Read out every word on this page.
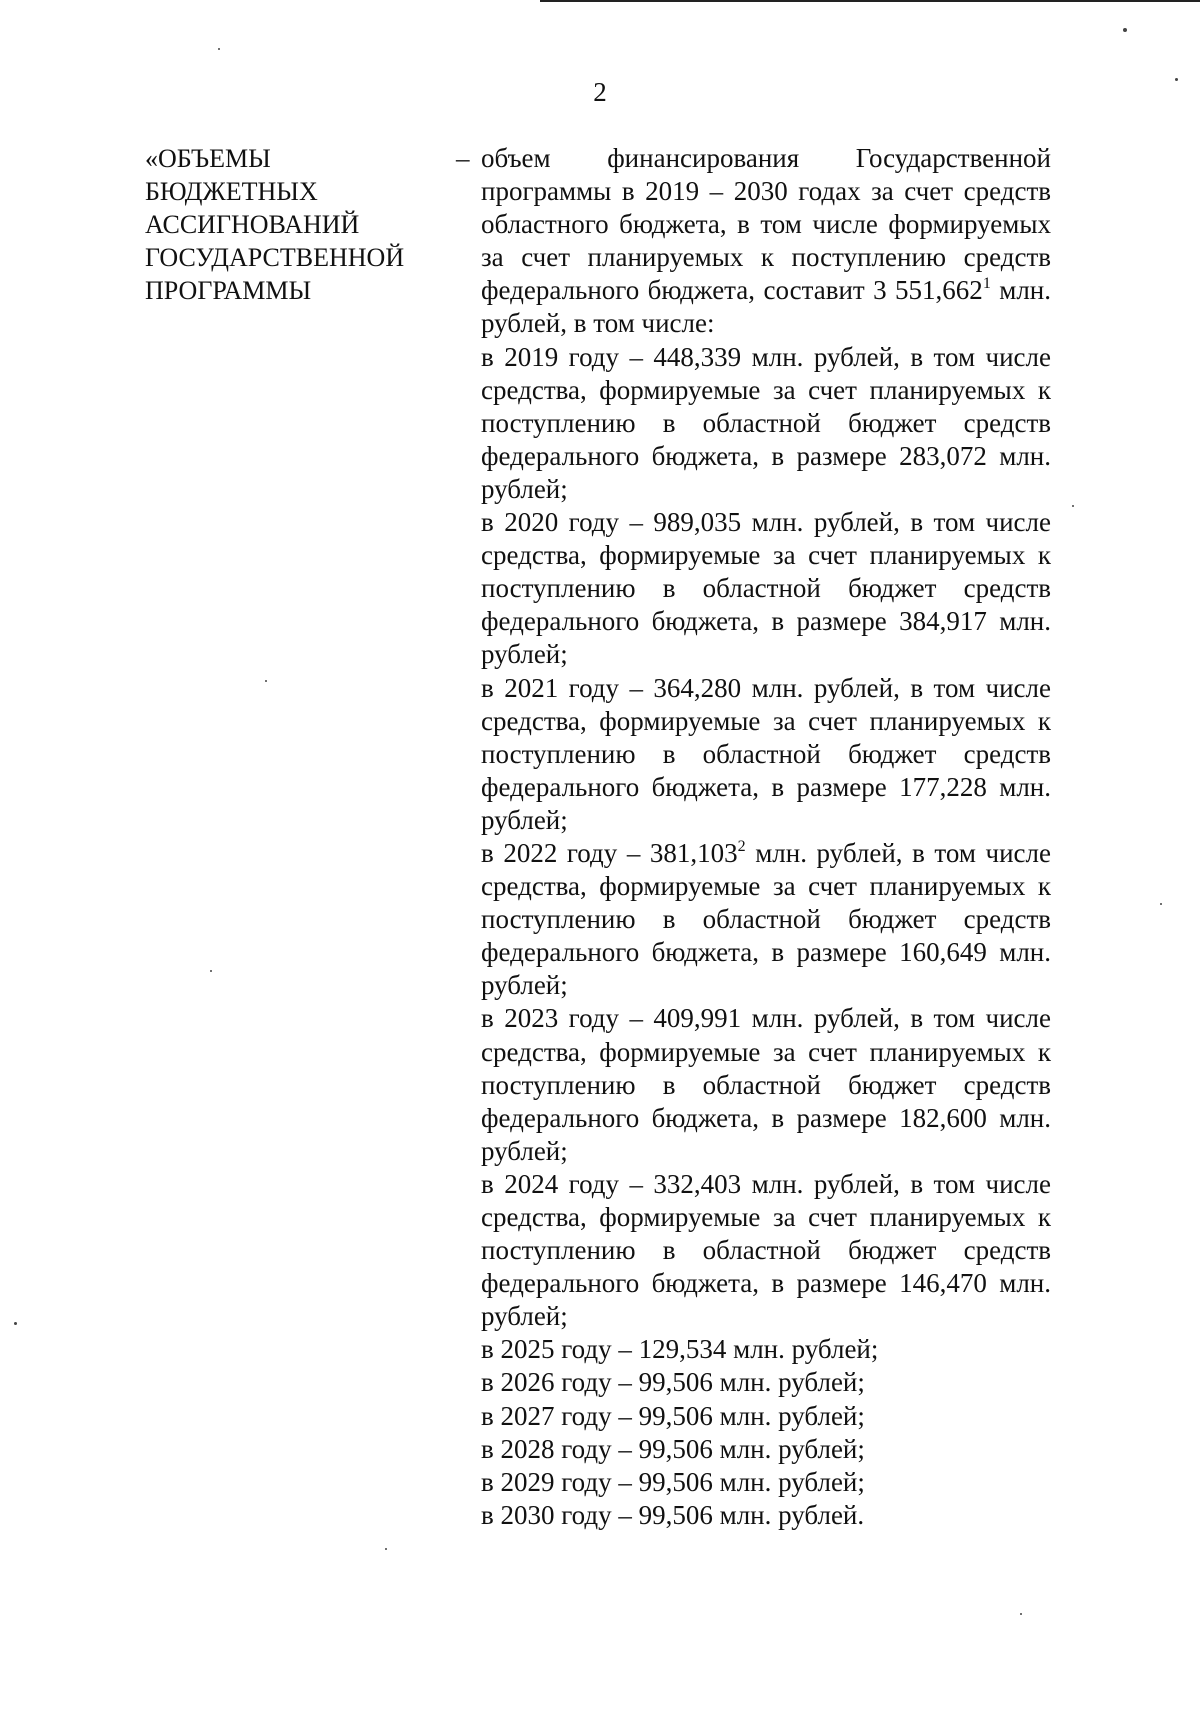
2
«ОБЪЕМЫ
БЮДЖЕТНЫХ
АССИГНОВАНИЙ
ГОСУДАРСТВЕННОЙ
ПРОГРАММЫ
– объем финансирования Государственной программы в 2019 – 2030 годах за счет средств областного бюджета, в том числе формируемых за счет планируемых к поступлению средств федерального бюджета, составит 3 551,662$^1$ млн. рублей, в том числе:

в 2019 году – 448,339 млн. рублей, в том числе средства, формируемые за счет планируемых к поступлению в областной бюджет средств федерального бюджета, в размере 283,072 млн. рублей;

в 2020 году – 989,035 млн. рублей, в том числе средства, формируемые за счет планируемых к поступлению в областной бюджет средств федерального бюджета, в размере 384,917 млн. рублей;

в 2021 году – 364,280 млн. рублей, в том числе средства, формируемые за счет планируемых к поступлению в областной бюджет средств федерального бюджета, в размере 177,228 млн. рублей;

в 2022 году – 381,103$^2$ млн. рублей, в том числе средства, формируемые за счет планируемых к поступлению в областной бюджет средств федерального бюджета, в размере 160,649 млн. рублей;

в 2023 году – 409,991 млн. рублей, в том числе средства, формируемые за счет планируемых к поступлению в областной бюджет средств федерального бюджета, в размере 182,600 млн. рублей;

в 2024 году – 332,403 млн. рублей, в том числе средства, формируемые за счет планируемых к поступлению в областной бюджет средств федерального бюджета, в размере 146,470 млн. рублей;

в 2025 году – 129,534 млн. рублей;

в 2026 году – 99,506 млн. рублей;

в 2027 году – 99,506 млн. рублей;

в 2028 году – 99,506 млн. рублей;

в 2029 году – 99,506 млн. рублей;

в 2030 году – 99,506 млн. рублей.
